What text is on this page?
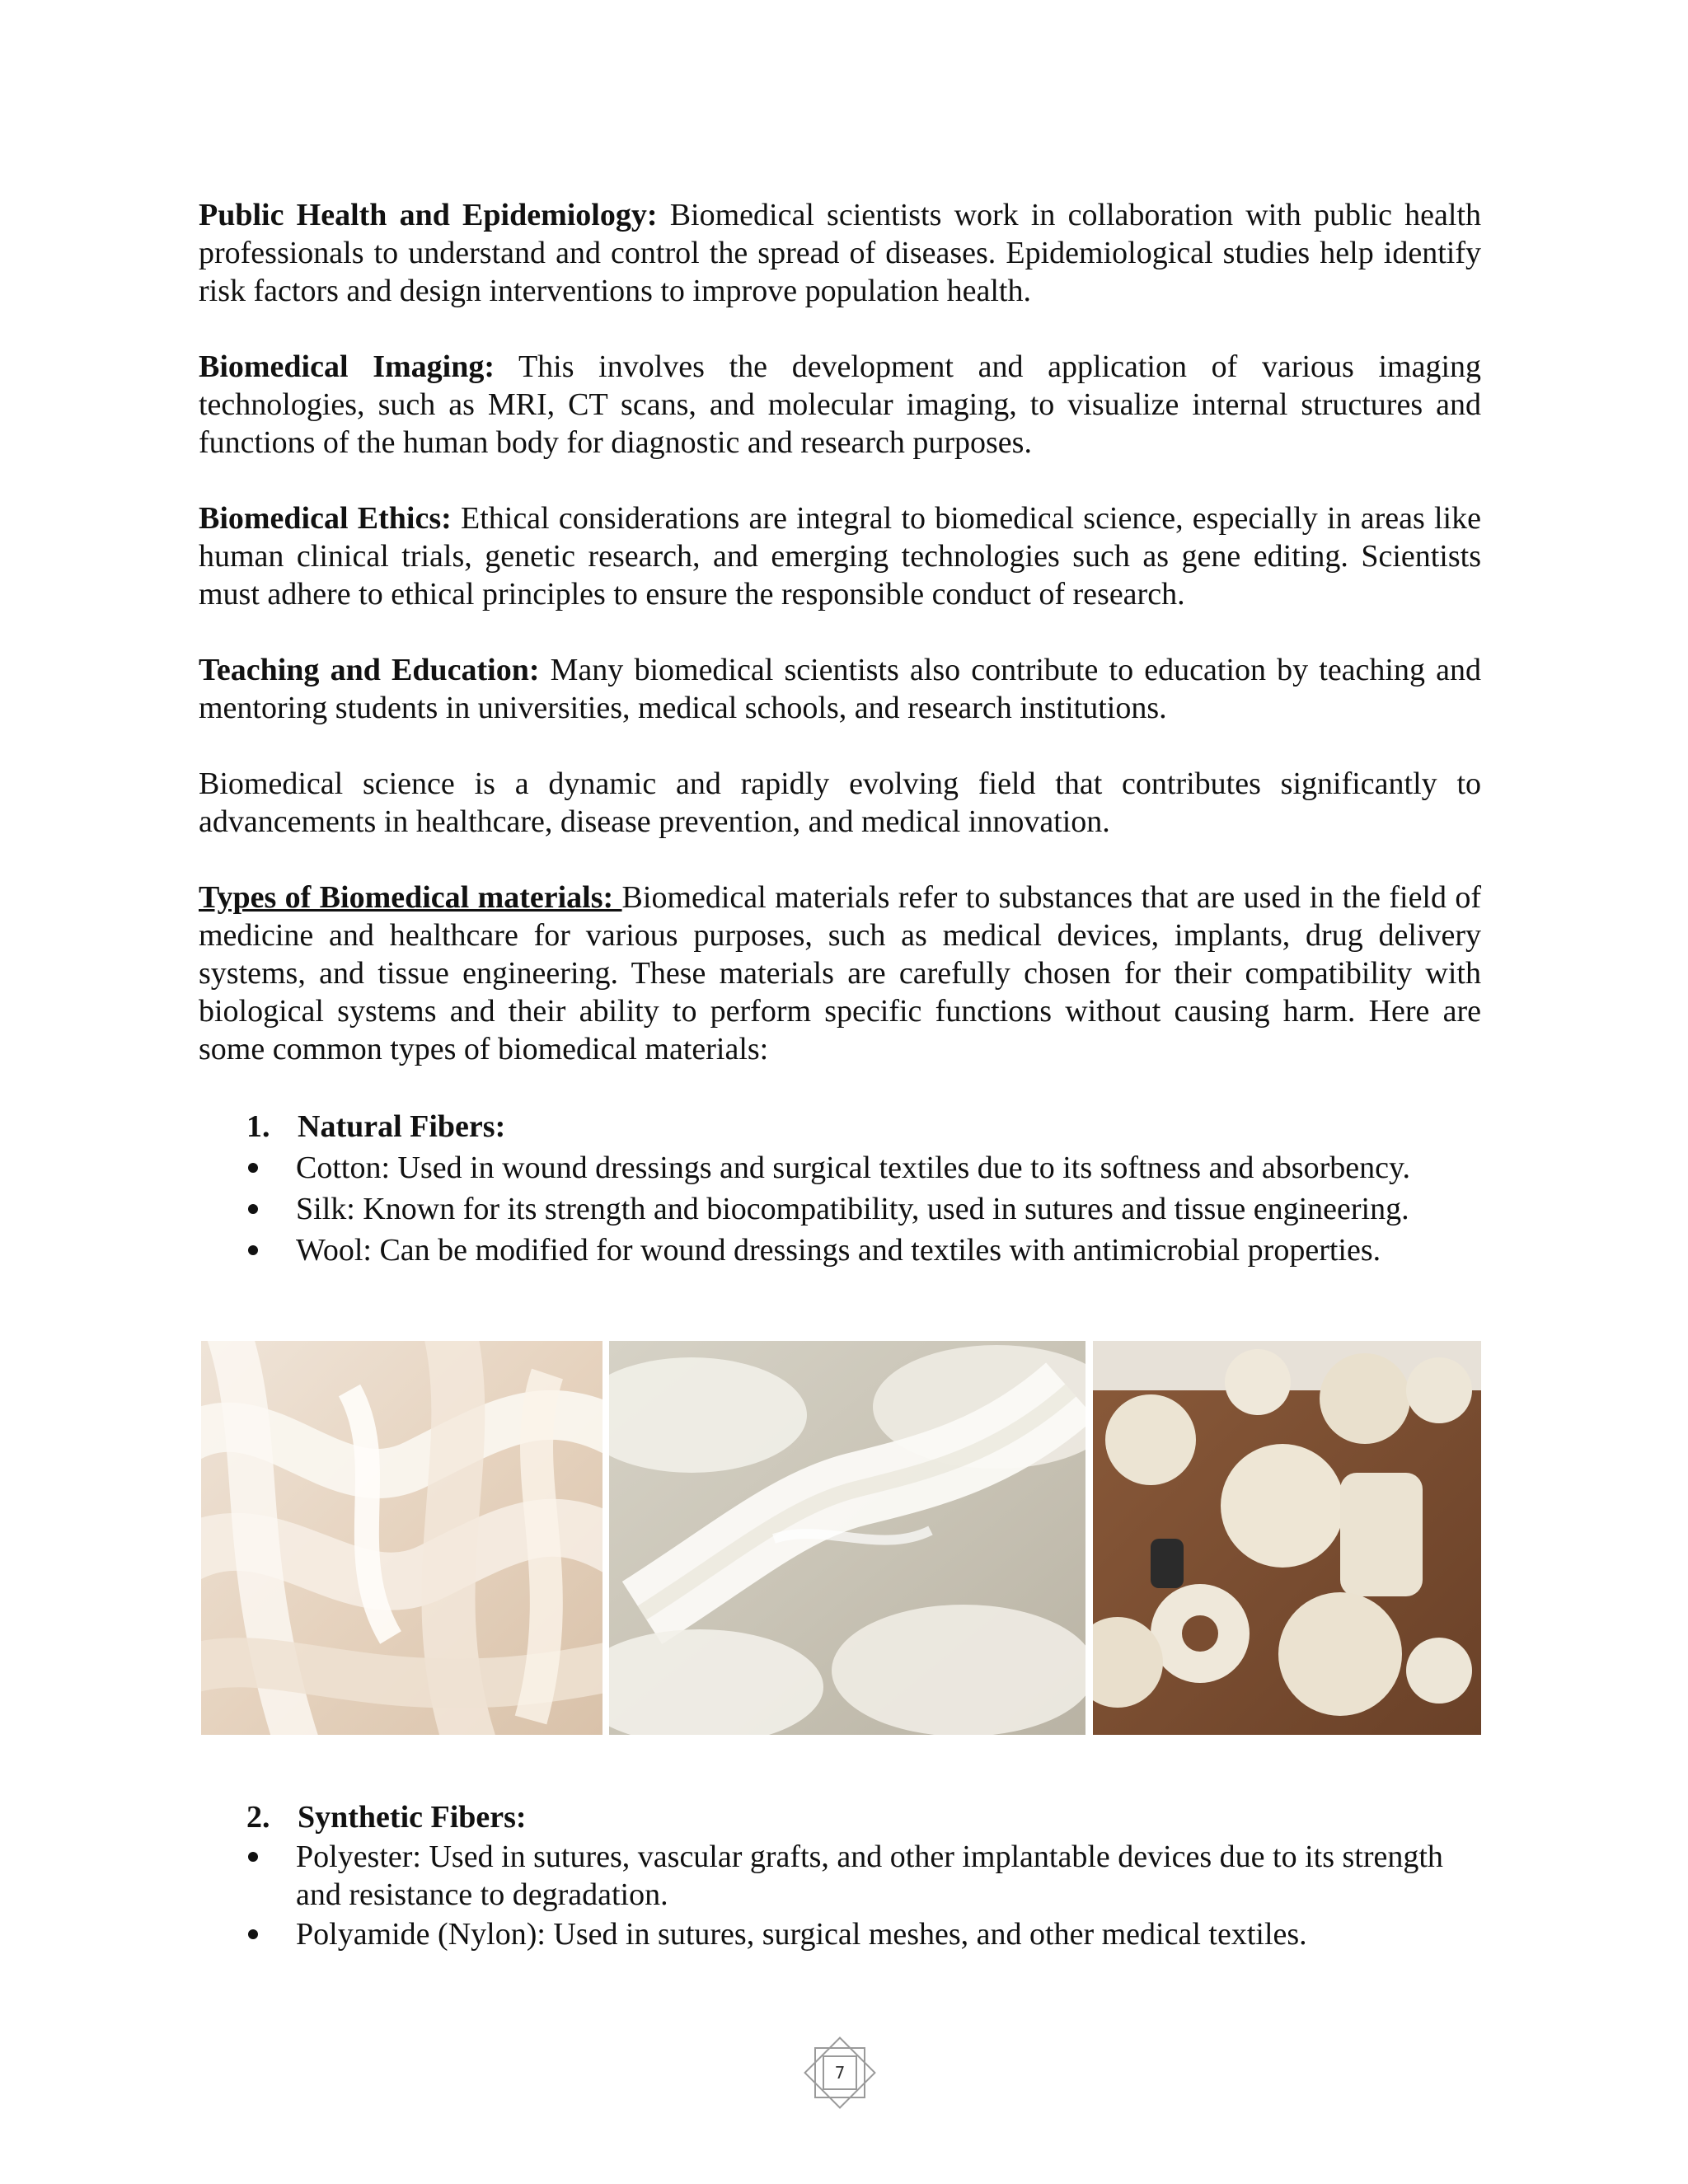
Public Health and Epidemiology: Biomedical scientists work in collaboration with public health professionals to understand and control the spread of diseases. Epidemiological studies help identify risk factors and design interventions to improve population health.

Biomedical Imaging: This involves the development and application of various imaging technologies, such as MRI, CT scans, and molecular imaging, to visualize internal structures and functions of the human body for diagnostic and research purposes.

Biomedical Ethics: Ethical considerations are integral to biomedical science, especially in areas like human clinical trials, genetic research, and emerging technologies such as gene editing. Scientists must adhere to ethical principles to ensure the responsible conduct of research.

Teaching and Education: Many biomedical scientists also contribute to education by teaching and mentoring students in universities, medical schools, and research institutions.

Biomedical science is a dynamic and rapidly evolving field that contributes significantly to advancements in healthcare, disease prevention, and medical innovation.

Types of Biomedical materials: Biomedical materials refer to substances that are used in the field of medicine and healthcare for various purposes, such as medical devices, implants, drug delivery systems, and tissue engineering. These materials are carefully chosen for their compatibility with biological systems and their ability to perform specific functions without causing harm. Here are some common types of biomedical materials:

1. Natural Fibers:
Cotton: Used in wound dressings and surgical textiles due to its softness and absorbency.
Silk: Known for its strength and biocompatibility, used in sutures and tissue engineering.
Wool: Can be modified for wound dressings and textiles with antimicrobial properties.
2. Synthetic Fibers:
Polyester: Used in sutures, vascular grafts, and other implantable devices due to its strength and resistance to degradation.
Polyamide (Nylon): Used in sutures, surgical meshes, and other medical textiles.
7
